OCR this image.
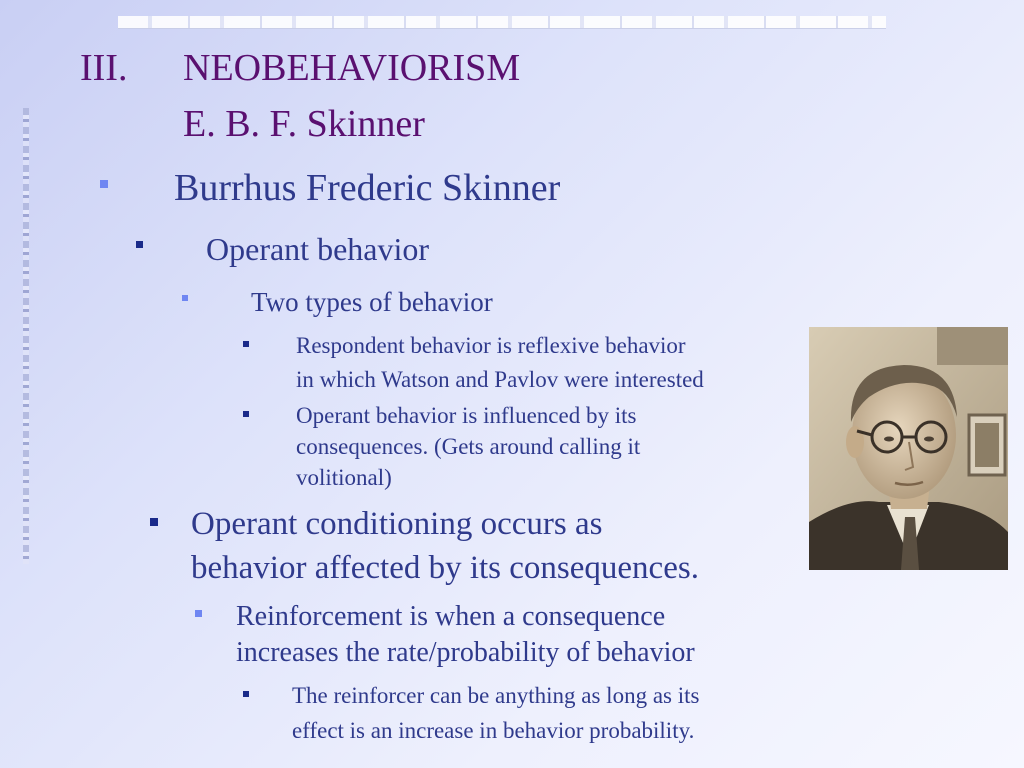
III. NEOBEHAVIORISM
E. B. F. Skinner
Burrhus Frederic Skinner
Operant behavior
Two types of behavior
Respondent behavior is reflexive behavior
in which Watson and Pavlov were interested
Operant behavior is influenced by its
consequences. (Gets around calling it
volitional)
Operant conditioning occurs as
behavior affected by its consequences.
Reinforcement is when a consequence
increases the rate/probability of behavior
The reinforcer can be anything as long as its
effect is an increase in behavior probability.
